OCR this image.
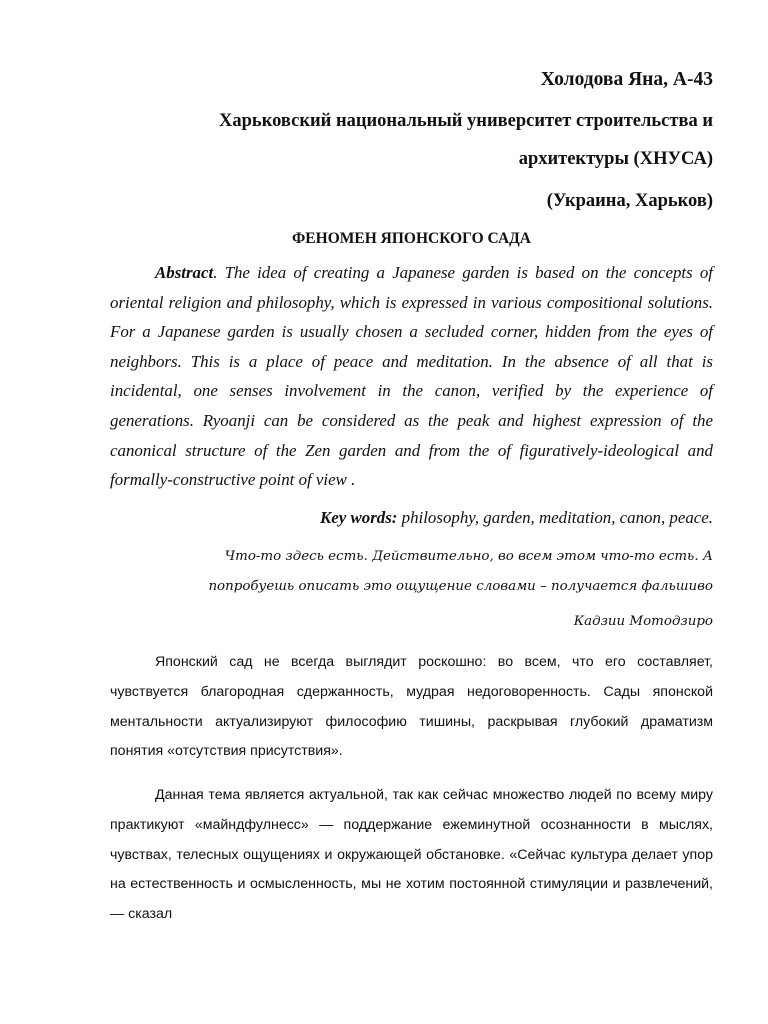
Холодова Яна, А-43
Харьковский национальный университет строительства и архитектуры (ХНУСА)
(Украина, Харьков)
ФЕНОМЕН ЯПОНСКОГО САДА
Abstract. The idea of creating a Japanese garden is based on the concepts of oriental religion and philosophy, which is expressed in various compositional solutions. For a Japanese garden is usually chosen a secluded corner, hidden from the eyes of neighbors. This is a place of peace and meditation. In the absence of all that is incidental, one senses involvement in the canon, verified by the experience of generations. Ryoanji can be considered as the peak and highest expression of the canonical structure of the Zen garden and from the of figuratively-ideological and formally-constructive point of view .
Key words: philosophy, garden, meditation, canon, peace.
Что-то здесь есть. Действительно, во всем этом что-то есть. А
попробуешь описать это ощущение словами – получается фальшиво
Кадзии Мотодзиро

Японский сад не всегда выглядит роскошно: во всем, что его составляет, чувствуется благородная сдержанность, мудрая недоговоренность. Сады японской ментальности актуализируют философию тишины, раскрывая глубокий драматизм понятия «отсутствия присутствия».

Данная тема является актуальной, так как сейчас множество людей по всему миру практикуют «майндфулнесс» — поддержание ежеминутной осознанности в мыслях, чувствах, телесных ощущениях и окружающей обстановке. «Сейчас культура делает упор на естественность и осмысленность, мы не хотим постоянной стимуляции и развлечений, — сказал
